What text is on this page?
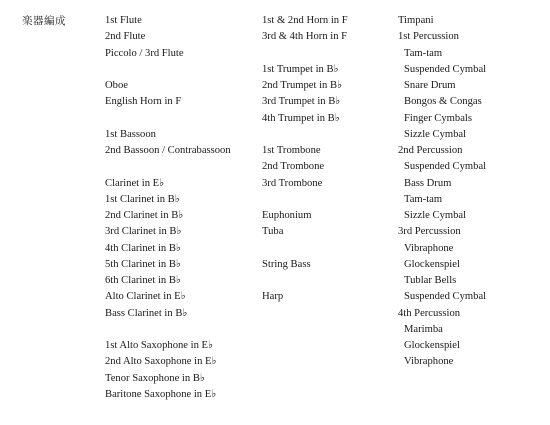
楽器編成	1st Flute
2nd Flute
Piccolo / 3rd Flute
Oboe
English Horn in F
1st Bassoon
2nd Bassoon / Contrabassoon
Clarinet in E♭
1st Clarinet in B♭
2nd Clarinet in B♭
3rd Clarinet in B♭
4th Clarinet in B♭
5th Clarinet in B♭
6th Clarinet in B♭
Alto Clarinet in E♭
Bass Clarinet in B♭
1st Alto Saxophone in E♭
2nd Alto Saxophone in E♭
Tenor Saxophone in B♭
Baritone Saxophone in E♭
1st & 2nd Horn in F
3rd & 4th Horn in F
1st Trumpet in B♭
2nd Trumpet in B♭
3rd Trumpet in B♭
4th Trumpet in B♭
1st Trombone
2nd Trombone
3rd Trombone
Euphonium
Tuba
String Bass
Harp
Timpani
1st Percussion
Tam-tam
Suspended Cymbal
Snare Drum
Bongos & Congas
Finger Cymbals
Sizzle Cymbal
2nd Percussion
Suspended Cymbal
Bass Drum
Tam-tam
Sizzle Cymbal
3rd Percussion
Vibraphone
Glockenspiel
Tublar Bells
Suspended Cymbal
4th Percussion
Marimba
Glockenspiel
Vibraphone
